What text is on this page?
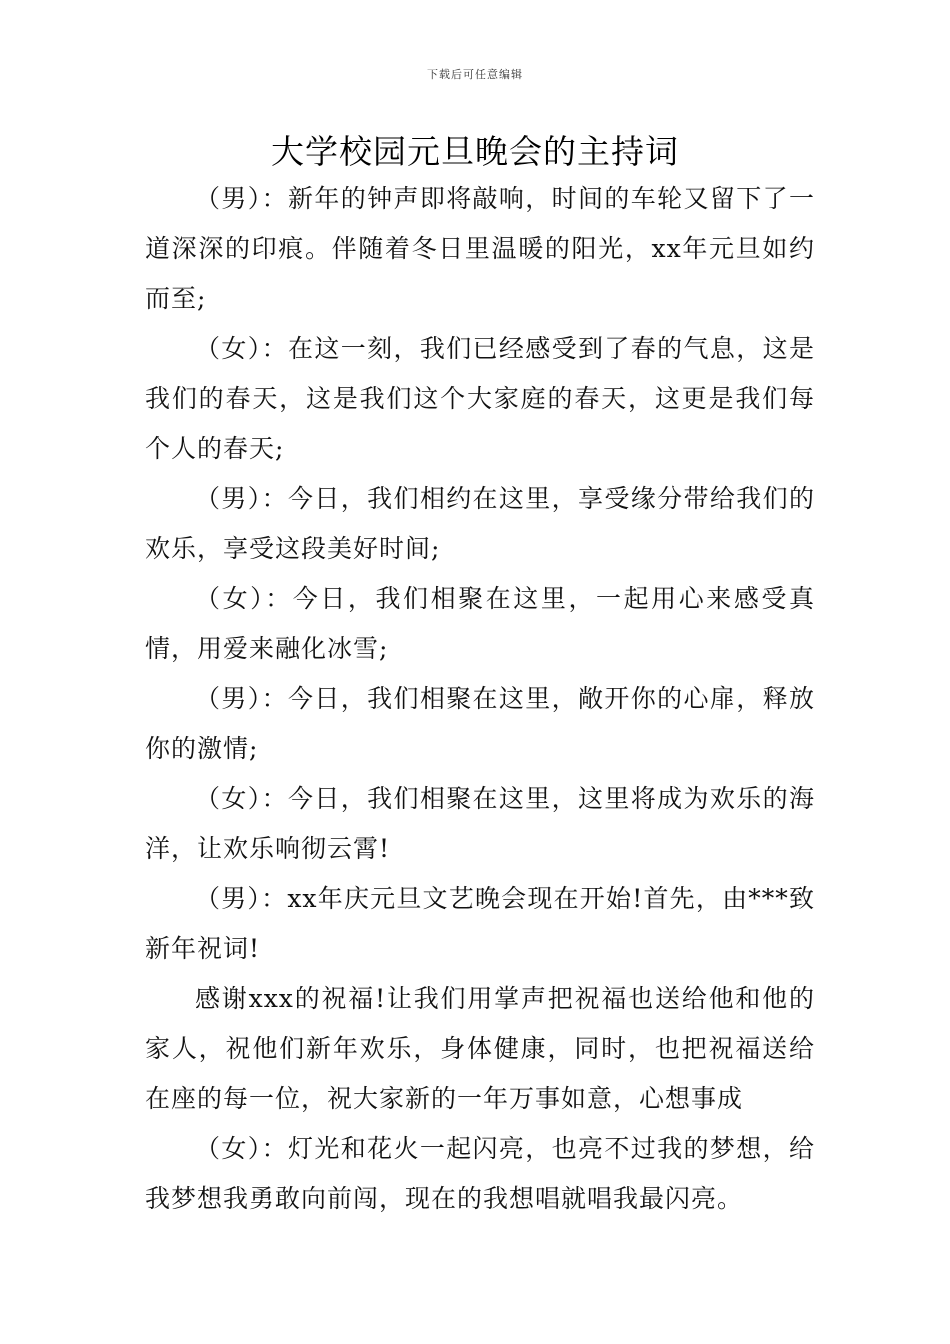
下载后可任意编辑
大学校园元旦晚会的主持词

（男）：新年的钟声即将敲响，时间的车轮又留下了一道深深的印痕。伴随着冬日里温暖的阳光，xx年元旦如约而至;

（女）：在这一刻，我们已经感受到了春的气息，这是我们的春天，这是我们这个大家庭的春天，这更是我们每个人的春天;

（男）：今日，我们相约在这里，享受缘分带给我们的欢乐，享受这段美好时间;

（女）：今日，我们相聚在这里，一起用心来感受真情，用爱来融化冰雪;

（男）：今日，我们相聚在这里，敞开你的心扉，释放你的激情;

（女）：今日，我们相聚在这里，这里将成为欢乐的海洋，让欢乐响彻云霄!

（男）：xx年庆元旦文艺晚会现在开始!首先，由***致新年祝词!

感谢xxx的祝福!让我们用掌声把祝福也送给他和他的家人，祝他们新年欢乐，身体健康，同时，也把祝福送给在座的每一位，祝大家新的一年万事如意，心想事成

（女）：灯光和花火一起闪亮，也亮不过我的梦想，给我梦想我勇敢向前闯，现在的我想唱就唱我最闪亮。
